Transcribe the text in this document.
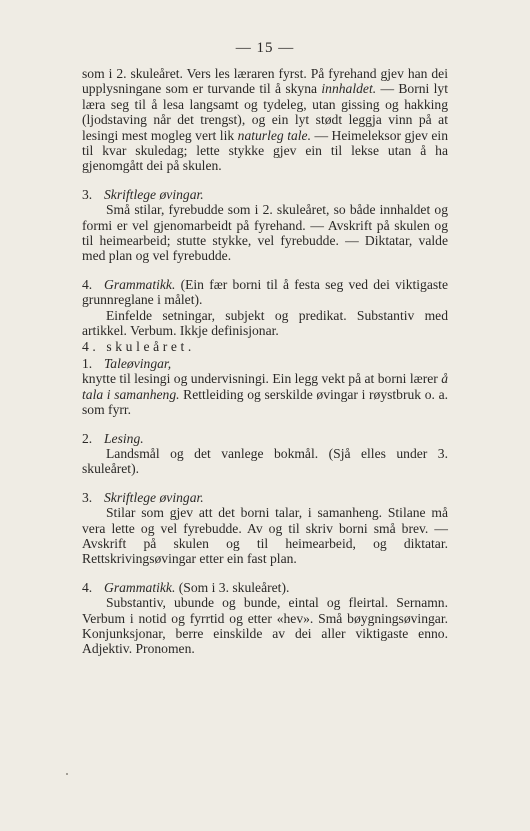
— 15 —

som i 2. skuleåret. Vers les læraren fyrst. På fyrehand gjev han dei upplysningane som er turvande til å skyna innhaldet. — Borni lyt læra seg til å lesa langsamt og tydeleg, utan gissing og hakking (ljodstaving når det trengst), og ein lyt stødt leggja vinn på at lesingi mest mogleg vert lik naturleg tale. — Heimeleksor gjev ein til kvar skuledag; lette stykke gjev ein til lekse utan å ha gjenomgått dei på skulen.

3. Skriftlege øvingar.

Små stilar, fyrebudde som i 2. skuleåret, so både innhaldet og formi er vel gjenomarbeidt på fyrehand. — Avskrift på skulen og til heimearbeid; stutte stykke, vel fyrebudde. — Diktatar, valde med plan og vel fyrebudde.

4. Grammatikk. (Ein fær borni til å festa seg ved dei viktigaste grunnreglane i målet).

Einfelde setningar, subjekt og predikat. Substantiv med artikkel. Verbum. Ikkje definisjonar.

4. skuleåret.

1. Taleøvingar,

knytte til lesingi og undervisningi. Ein legg vekt på at borni lærer å tala i samanheng. Rettleiding og serskilde øvingar i røystbruk o. a. som fyrr.

2. Lesing.

Landsmål og det vanlege bokmål. (Sjå elles under 3. skuleåret).

3. Skriftlege øvingar.

Stilar som gjev att det borni talar, i samanheng. Stilane må vera lette og vel fyrebudde. Av og til skriv borni små brev. — Avskrift på skulen og til heimearbeid, og diktatar. Rettskrivingsøvingar etter ein fast plan.

4. Grammatikk. (Som i 3. skuleåret).

Substantiv, ubunde og bunde, eintal og fleirtal. Sernamn. Verbum i notid og fyrrtid og etter «hev». Små bøygningsøvingar. Konjunksjonar, berre einskilde av dei aller viktigaste enno. Adjektiv. Pronomen.
